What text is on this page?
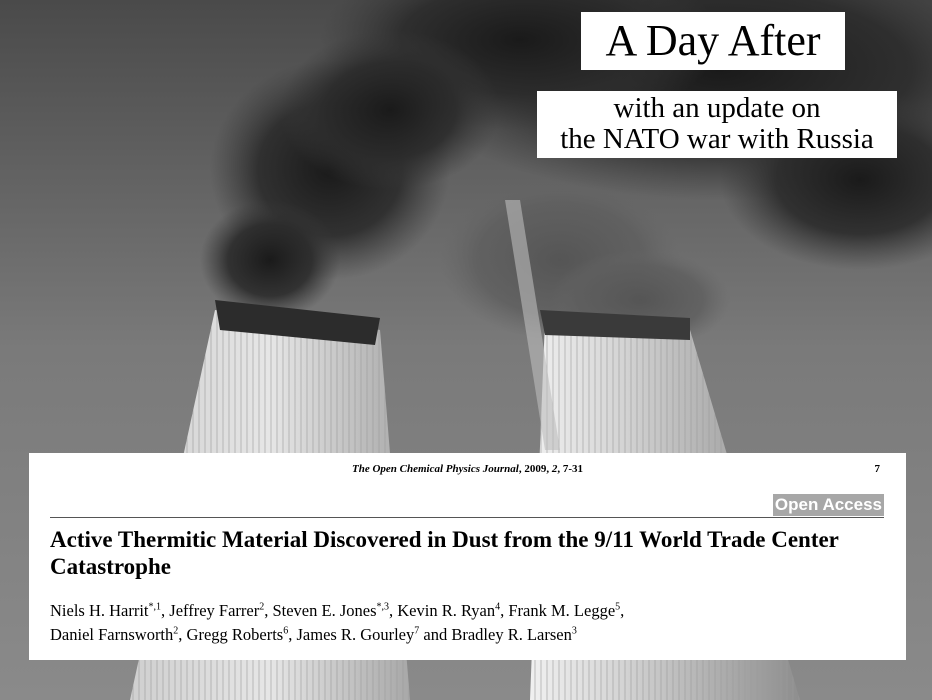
A Day After
with an update on
the NATO war with Russia
The Open Chemical Physics Journal, 2009, 2, 7-31	7
Open Access
Active Thermitic Material Discovered in Dust from the 9/11 World Trade Center Catastrophe
Niels H. Harrit$^{*,1}$, Jeffrey Farrer$^2$, Steven E. Jones$^{*,3}$, Kevin R. Ryan$^4$, Frank M. Legge$^5$,
Daniel Farnsworth$^2$, Gregg Roberts$^6$, James R. Gourley$^7$ and Bradley R. Larsen$^3$
